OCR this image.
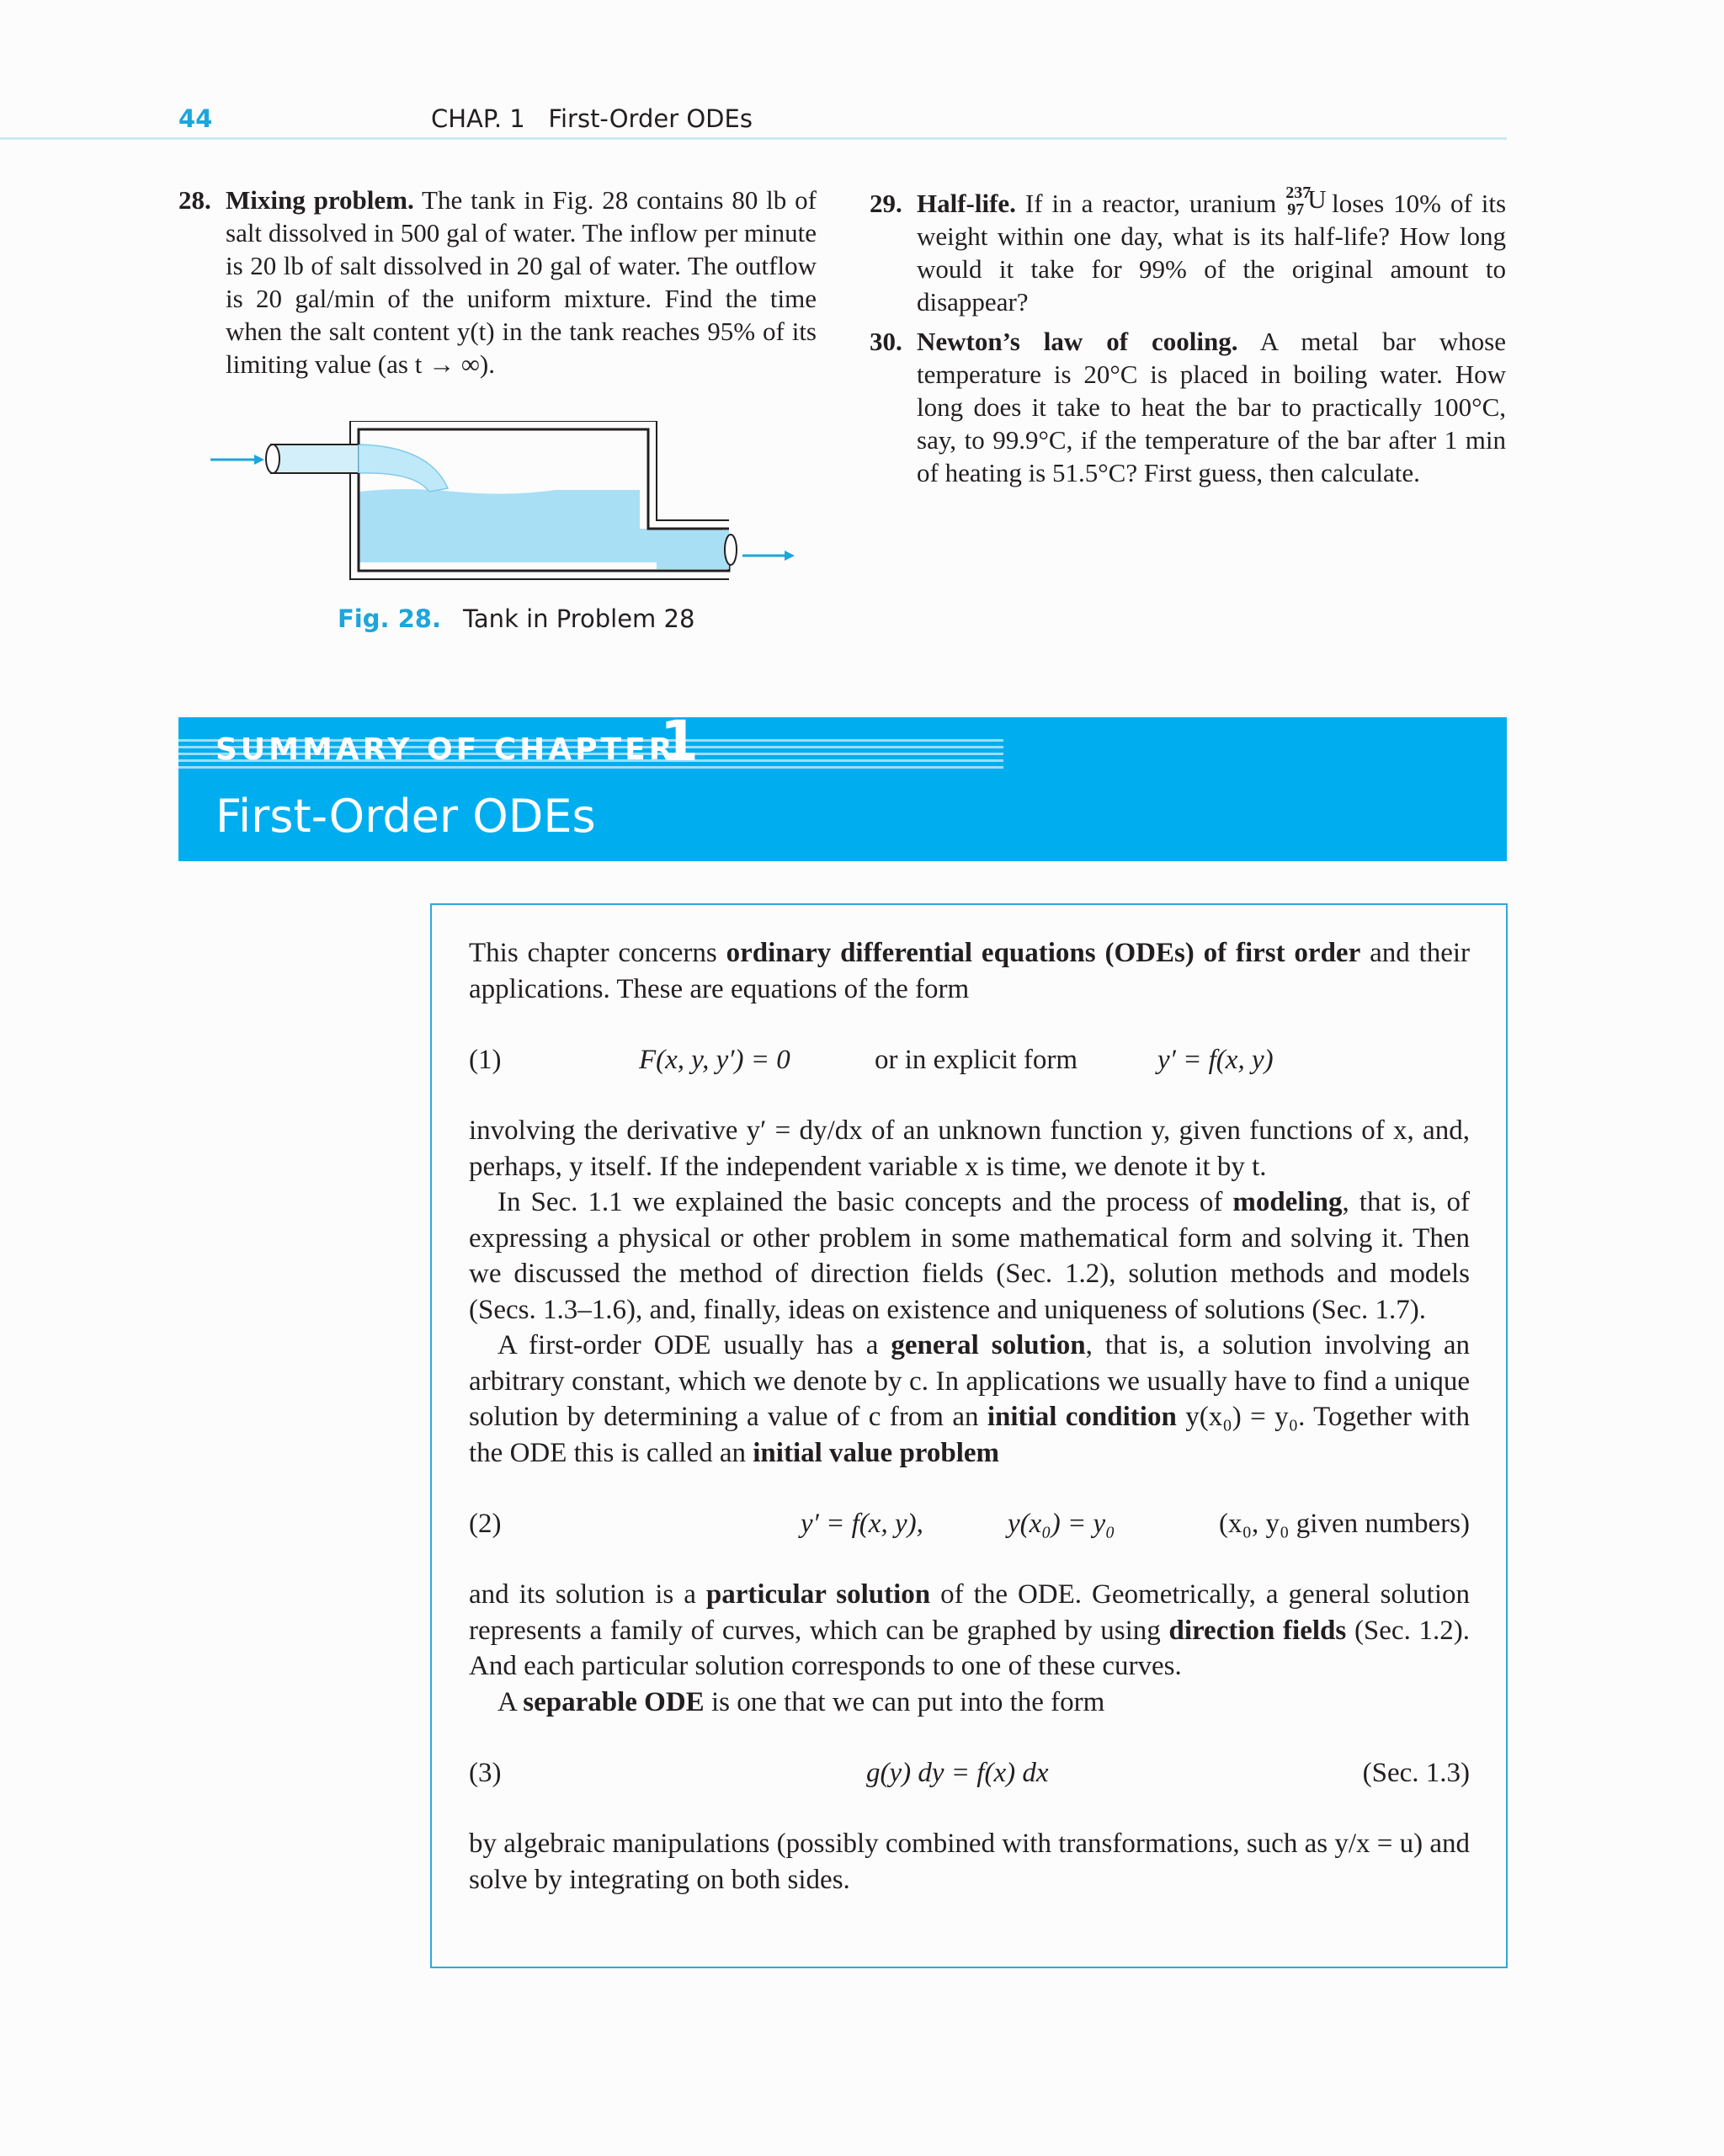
44	CHAP. 1   First-Order ODEs
28. Mixing problem. The tank in Fig. 28 contains 80 lb of salt dissolved in 500 gal of water. The inflow per minute is 20 lb of salt dissolved in 20 gal of water. The outflow is 20 gal/min of the uniform mixture. Find the time when the salt content y(t) in the tank reaches 95% of its limiting value (as t → ∞).
29. Half-life. If in a reactor, uranium 237
97 U loses 10% of its weight within one day, what is its half-life? How long would it take for 99% of the original amount to disappear?
30. Newton’s law of cooling. A metal bar whose temperature is 20°C is placed in boiling water. How long does it take to heat the bar to practically 100°C, say, to 99.9°C, if the temperature of the bar after 1 min of heating is 51.5°C? First guess, then calculate.
Fig. 28. Tank in Problem 28
SUMMARY OF CHAPTER
1
First-Order ODEs

This chapter concerns ordinary differential equations (ODEs) of first order and their applications. These are equations of the form

(1)	F(x, y, y′) = 0	or in explicit form	y′ = f(x, y)

involving the derivative y′ = dy/dx of an unknown function y, given functions of x, and, perhaps, y itself. If the independent variable x is time, we denote it by t.

In Sec. 1.1 we explained the basic concepts and the process of modeling, that is, of expressing a physical or other problem in some mathematical form and solving it. Then we discussed the method of direction fields (Sec. 1.2), solution methods and models (Secs. 1.3–1.6), and, finally, ideas on existence and uniqueness of solutions (Sec. 1.7).

A first-order ODE usually has a general solution, that is, a solution involving an arbitrary constant, which we denote by c. In applications we usually have to find a unique solution by determining a value of c from an initial condition y(x₀) = y₀. Together with the ODE this is called an initial value problem

(2)	y′ = f(x, y),	y(x₀) = y₀	(x₀, y₀ given numbers)

and its solution is a particular solution of the ODE. Geometrically, a general solution represents a family of curves, which can be graphed by using direction fields (Sec. 1.2). And each particular solution corresponds to one of these curves.

A separable ODE is one that we can put into the form

(3)	g(y) dy = f(x) dx	(Sec. 1.3)

by algebraic manipulations (possibly combined with transformations, such as y/x = u) and solve by integrating on both sides.
